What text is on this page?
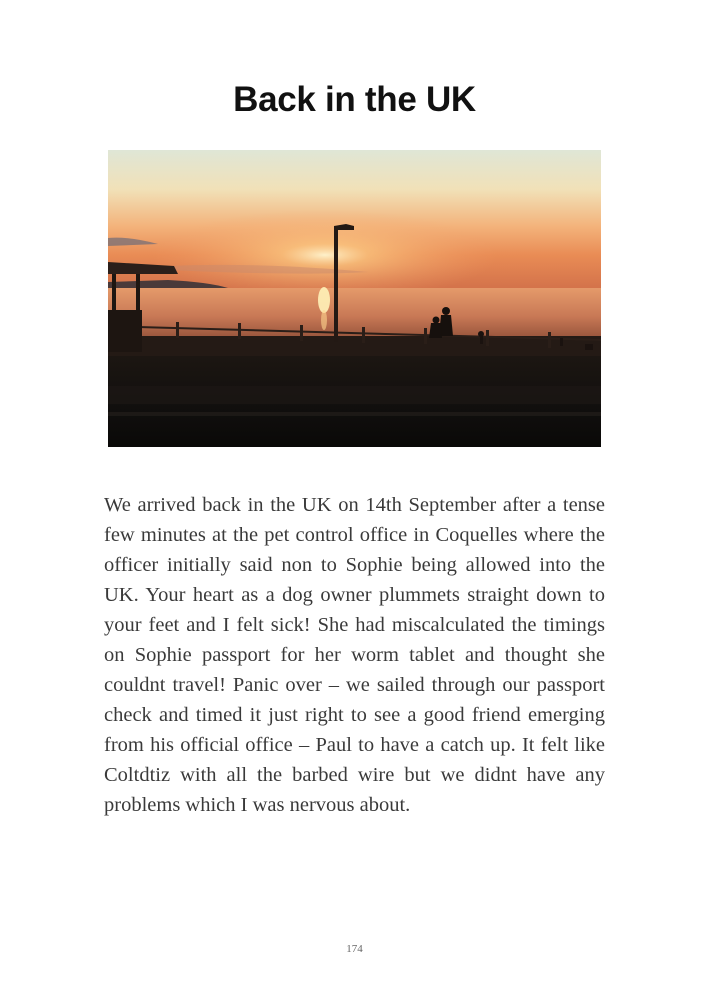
Back in the UK

We arrived back in the UK on 14th September after a tense few minutes at the pet control office in Coquelles where the officer initially said non to Sophie being allowed into the UK. Your heart as a dog owner plummets straight down to your feet and I felt sick! She had miscalculated the timings on Sophie passport for her worm tablet and thought she couldnt travel! Panic over – we sailed through our passport check and timed it just right to see a good friend emerging from his official office – Paul to have a catch up. It felt like Coltdtiz with all the barbed wire but we didnt have any problems which I was nervous about.

174
